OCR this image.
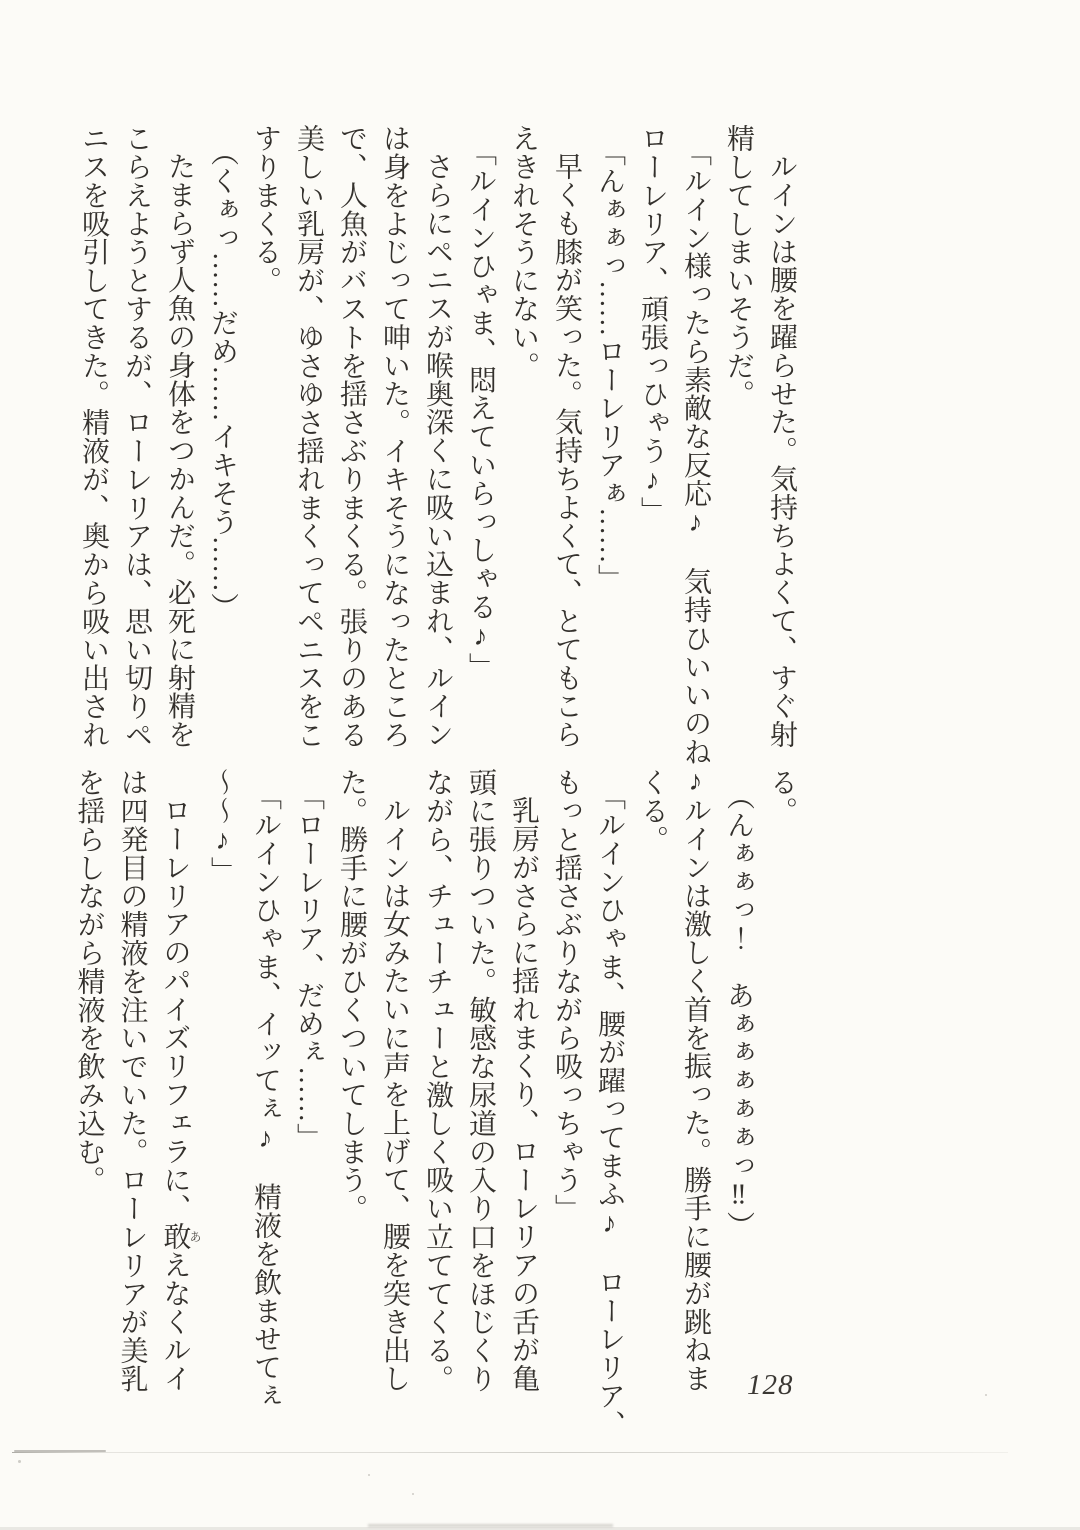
ルインは腰を躍らせた。気持ちよくて、すぐ射

精してしまいそうだ。

「ルイン様ったら素敵な反応♪　気持ひいいのね♪

ローレリア、頑張っひゃう♪」

「んぁぁっ……ローレリアぁ……」

早くも膝が笑った。気持ちよくて、とてもこら

えきれそうにない。

「ルインひゃま、悶えていらっしゃる♪」

さらにペニスが喉奥深くに吸い込まれ、ルイン

は身をよじって呻いた。イキそうになったところ

で、人魚がバストを揺さぶりまくる。張りのある

美しい乳房が、ゆさゆさ揺れまくってペニスをこ

すりまくる。

（くぁっ……だめ……イキそう……）

たまらず人魚の身体をつかんだ。必死に射精を

こらえようとするが、ローレリアは、思い切りペ

ニスを吸引してきた。精液が、奥から吸い出され

る。

（んぁぁっ！　あぁぁぁぁぁっ‼）

ルインは激しく首を振った。勝手に腰が跳ねま

くる。

「ルインひゃま、腰が躍ってまふ♪　ローレリア、

もっと揺さぶりながら吸っちゃう」

乳房がさらに揺れまくり、ローレリアの舌が亀

頭に張りついた。敏感な尿道の入り口をほじくり

ながら、チューチューと激しく吸い立ててくる。

ルインは女みたいに声を上げて、腰を突き出し

た。勝手に腰がひくついてしまう。

「ローレリア、だめぇ……」

「ルインひゃま、イッてぇ♪　精液を飲ませてぇ

〜〜♪」

ローレリアのパイズリフェラに、敢あえなくルイ

は四発目の精液を注いでいた。ローレリアが美乳

を揺らしながら精液を飲み込む。

128
